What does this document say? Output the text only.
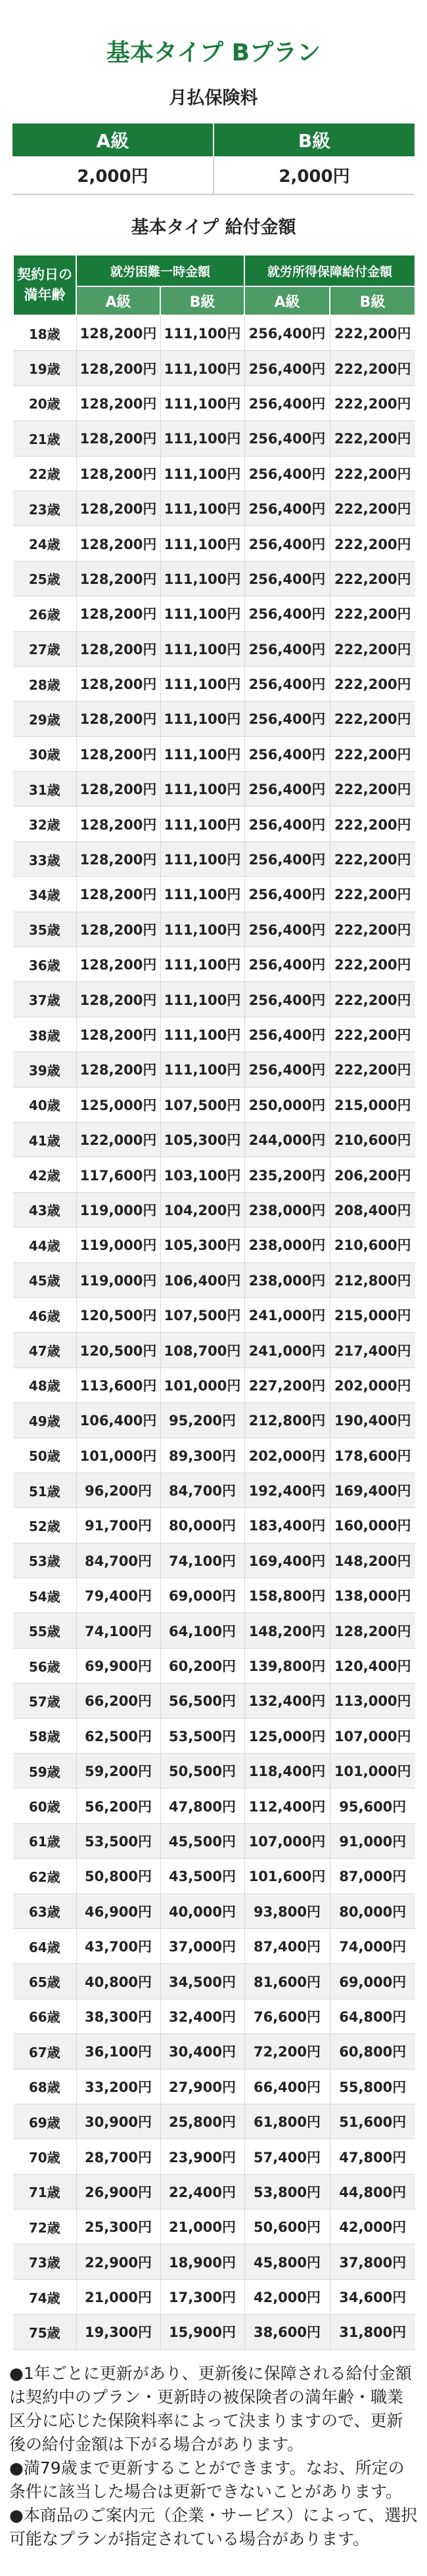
基本タイプ Bプラン
月払保険料
A級	B級
2,000円	2,000円
基本タイプ 給付金額
契約日の
満年齢	就労困難一時金額		就労所得保障給付金額	
	A級	B級	A級	B級
18歳	128,200円	111,100円	256,400円	222,200円
19歳	128,200円	111,100円	256,400円	222,200円
20歳	128,200円	111,100円	256,400円	222,200円
21歳	128,200円	111,100円	256,400円	222,200円
22歳	128,200円	111,100円	256,400円	222,200円
23歳	128,200円	111,100円	256,400円	222,200円
24歳	128,200円	111,100円	256,400円	222,200円
25歳	128,200円	111,100円	256,400円	222,200円
26歳	128,200円	111,100円	256,400円	222,200円
27歳	128,200円	111,100円	256,400円	222,200円
28歳	128,200円	111,100円	256,400円	222,200円
29歳	128,200円	111,100円	256,400円	222,200円
30歳	128,200円	111,100円	256,400円	222,200円
31歳	128,200円	111,100円	256,400円	222,200円
32歳	128,200円	111,100円	256,400円	222,200円
33歳	128,200円	111,100円	256,400円	222,200円
34歳	128,200円	111,100円	256,400円	222,200円
35歳	128,200円	111,100円	256,400円	222,200円
36歳	128,200円	111,100円	256,400円	222,200円
37歳	128,200円	111,100円	256,400円	222,200円
38歳	128,200円	111,100円	256,400円	222,200円
39歳	128,200円	111,100円	256,400円	222,200円
40歳	125,000円	107,500円	250,000円	215,000円
41歳	122,000円	105,300円	244,000円	210,600円
42歳	117,600円	103,100円	235,200円	206,200円
43歳	119,000円	104,200円	238,000円	208,400円
44歳	119,000円	105,300円	238,000円	210,600円
45歳	119,000円	106,400円	238,000円	212,800円
46歳	120,500円	107,500円	241,000円	215,000円
47歳	120,500円	108,700円	241,000円	217,400円
48歳	113,600円	101,000円	227,200円	202,000円
49歳	106,400円	95,200円	212,800円	190,400円
50歳	101,000円	89,300円	202,000円	178,600円
51歳	96,200円	84,700円	192,400円	169,400円
52歳	91,700円	80,000円	183,400円	160,000円
53歳	84,700円	74,100円	169,400円	148,200円
54歳	79,400円	69,000円	158,800円	138,000円
55歳	74,100円	64,100円	148,200円	128,200円
56歳	69,900円	60,200円	139,800円	120,400円
57歳	66,200円	56,500円	132,400円	113,000円
58歳	62,500円	53,500円	125,000円	107,000円
59歳	59,200円	50,500円	118,400円	101,000円
60歳	56,200円	47,800円	112,400円	95,600円
61歳	53,500円	45,500円	107,000円	91,000円
62歳	50,800円	43,500円	101,600円	87,000円
63歳	46,900円	40,000円	93,800円	80,000円
64歳	43,700円	37,000円	87,400円	74,000円
65歳	40,800円	34,500円	81,600円	69,000円
66歳	38,300円	32,400円	76,600円	64,800円
67歳	36,100円	30,400円	72,200円	60,800円
68歳	33,200円	27,900円	66,400円	55,800円
69歳	30,900円	25,800円	61,800円	51,600円
70歳	28,700円	23,900円	57,400円	47,800円
71歳	26,900円	22,400円	53,800円	44,800円
72歳	25,300円	21,000円	50,600円	42,000円
73歳	22,900円	18,900円	45,800円	37,800円
74歳	21,000円	17,300円	42,000円	34,600円
75歳	19,300円	15,900円	38,600円	31,800円

●1年ごとに更新があり、更新後に保障される給付金額は契約中のプラン・更新時の被保険者の満年齢・職業区分に応じた保険料率によって決まりますので、更新後の給付金額は下がる場合があります。

●満79歳まで更新することができます。なお、所定の条件に該当した場合は更新できないことがあります。

●本商品のご案内元（企業・サービス）によって、選択可能なプランが指定されている場合があります。
